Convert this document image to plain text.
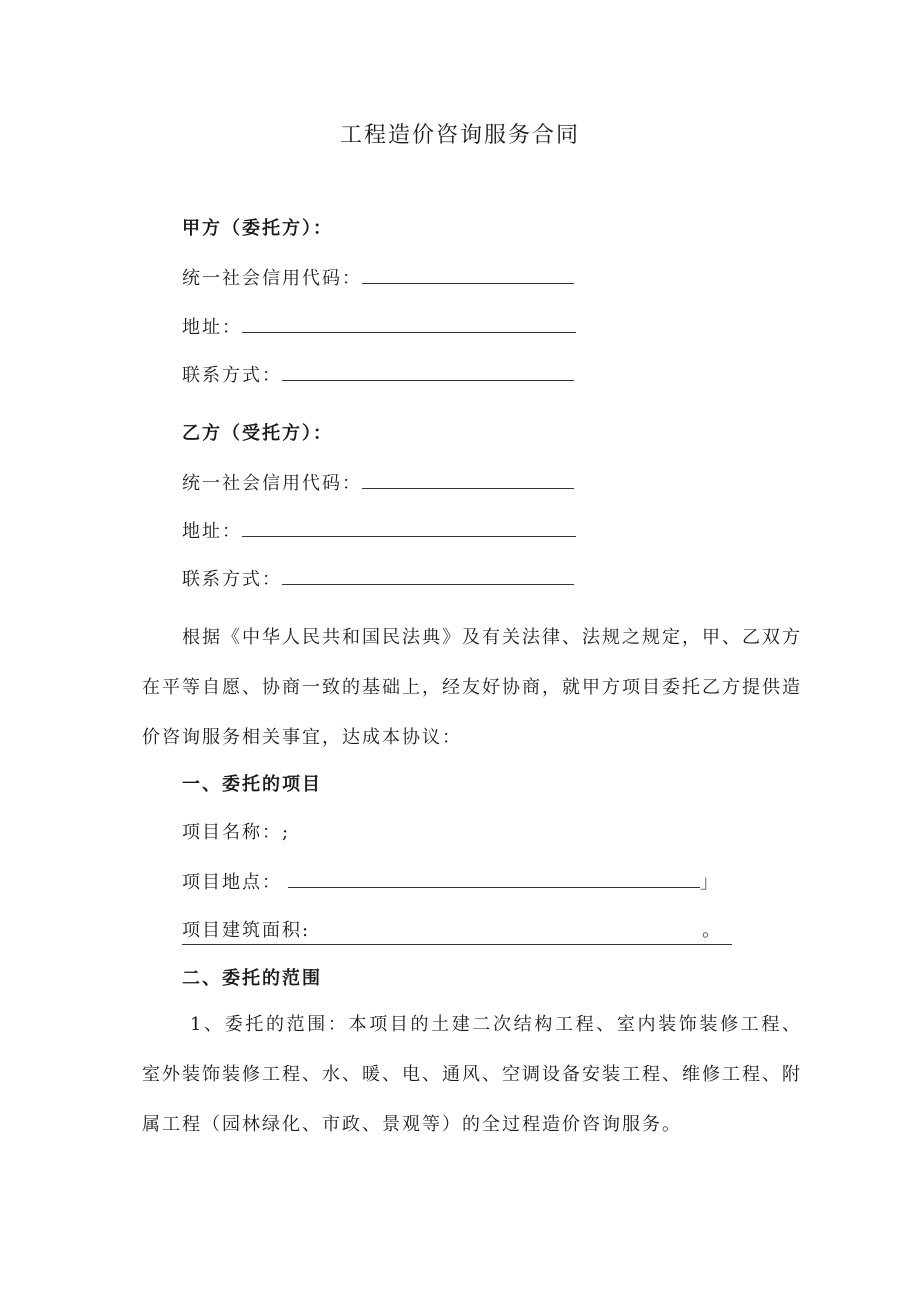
工程造价咨询服务合同
甲方（委托方）：
统一社会信用代码：
地址：
联系方式：
乙方（受托方）：
统一社会信用代码：
地址：
联系方式：
根据《中华人民共和国民法典》及有关法律、法规之规定，甲、乙双方在平等自愿、协商一致的基础上，经友好协商，就甲方项目委托乙方提供造价咨询服务相关事宜，达成本协议：
一、委托的项目
项目名称：;
项目地点：	」
项目建筑面积:	。
二、委托的范围
1、委托的范围：本项目的土建二次结构工程、室内装饰装修工程、室外装饰装修工程、水、暖、电、通风、空调设备安装工程、维修工程、附属工程（园林绿化、市政、景观等）的全过程造价咨询服务。
